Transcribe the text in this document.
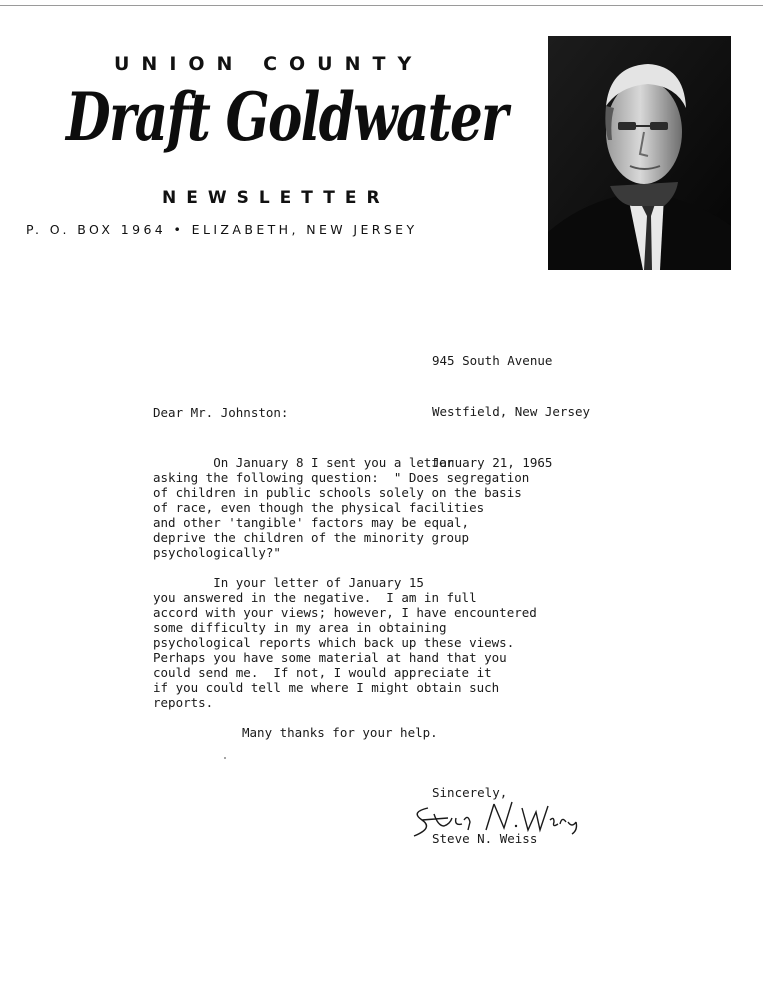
UNION COUNTY
Draft Goldwater
NEWSLETTER
P. O. BOX 1964 • ELIZABETH, NEW JERSEY

945 South Avenue

Westfield, New Jersey

January 21, 1965

Dear Mr. Johnston:
On January 8 I sent you a letter
asking the following question:  " Does segregation
of children in public schools solely on the basis
of race, even though the physical facilities
and other 'tangible' factors may be equal,
deprive the children of the minority group
psychologically?"
In your letter of January 15
you answered in the negative.  I am in full
accord with your views; however, I have encountered
some difficulty in my area in obtaining
psychological reports which back up these views.
Perhaps you have some material at hand that you
could send me.  If not, I would appreciate it
if you could tell me where I might obtain such
reports.
Many thanks for your help.
Sincerely,
Steve N. Weiss
